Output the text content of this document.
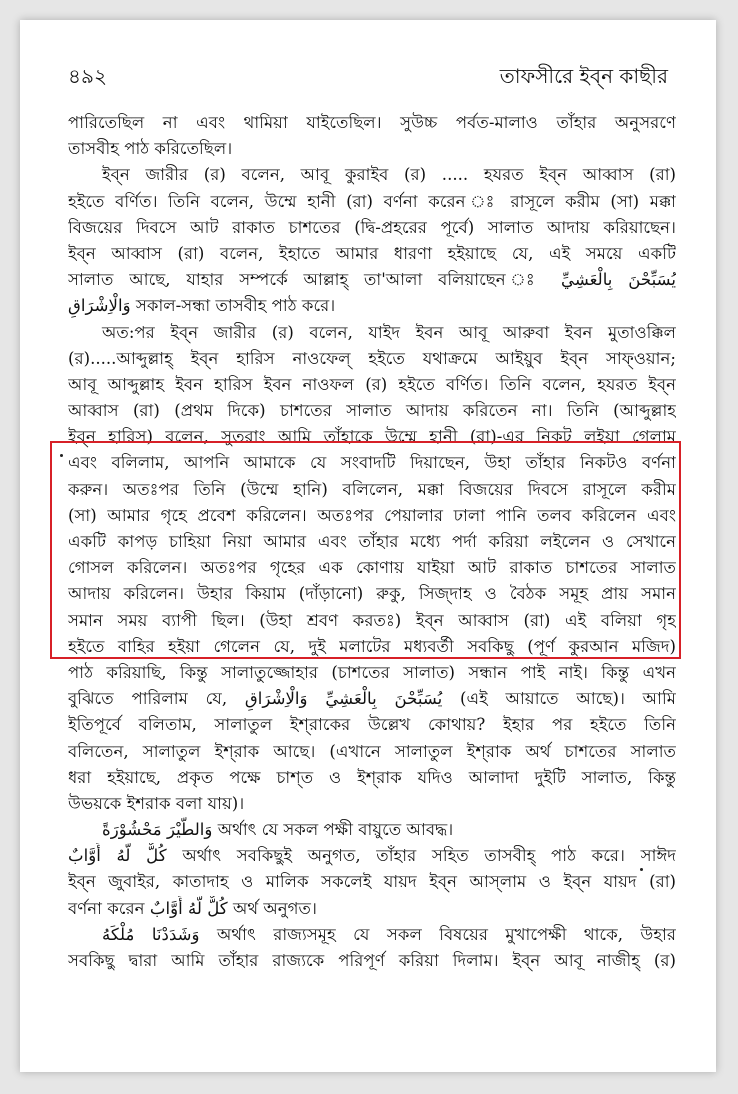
৪৯২	তাফসীরে ইব্‌ন কাছীর
পারিতেছিল না এবং থামিয়া যাইতেছিল। সুউচ্চ পর্বত-মালাও তাঁহার অনুসরণে
তাসবীহ পাঠ করিতেছিল।
ইব্‌ন জারীর (র) বলেন, আবূ কুরাইব (র) ..... হযরত ইব্‌ন আব্বাস (রা)
হইতে বর্ণিত। তিনি বলেন, উম্মে হানী (রা) বর্ণনা করেন ঃ রাসূলে করীম (সা) মক্কা
বিজয়ের দিবসে আট রাকাত চাশতের (দ্বি-প্রহরের পূর্বে) সালাত আদায় করিয়াছেন।
ইব্‌ন আব্বাস (রা) বলেন, ইহাতে আমার ধারণা হইয়াছে যে, এই সময়ে একটি
সালাত আছে, যাহার সম্পর্কে আল্লাহ্ তা'আলা বলিয়াছেন ঃ يُسَبِّحْنَ بِالْعَشِيِّ
وَالْاِشْرَاقِ সকাল-সন্ধা তাসবীহ পাঠ করে।
অত:পর ইব্‌ন জারীর (র) বলেন, যাইদ ইবন আবূ আরুবা ইবন মুতাওক্কিল
(র).....আব্দুল্লাহ্ ইব্‌ন হারিস নাওফেল্ হইতে যথাক্রমে আইয়ুব ইব্‌ন সাফ্‌ওয়ান;
আবূ আব্দুল্লাহ ইবন হারিস ইবন নাওফল (র) হইতে বর্ণিত। তিনি বলেন, হযরত ইব্‌ন
আব্বাস (রা) (প্রথম দিকে) চাশতের সালাত আদায় করিতেন না। তিনি (আব্দুল্লাহ
ইব্‌ন হারিস) বলেন, সুতরাং আমি তাঁহাকে উম্মে হানী (রা)-এর নিকট লইয়া গেলাম
এবং বলিলাম, আপনি আমাকে যে সংবাদটি দিয়াছেন, উহা তাঁহার নিকটও বর্ণনা
করুন। অতঃপর তিনি (উম্মে হানি) বলিলেন, মক্কা বিজয়ের দিবসে রাসূলে করীম
(সা) আমার গৃহে প্রবেশ করিলেন। অতঃপর পেয়ালার ঢালা পানি তলব করিলেন এবং
একটি কাপড় চাহিয়া নিয়া আমার এবং তাঁহার মধ্যে পর্দা করিয়া লইলেন ও সেখানে
গোসল করিলেন। অতঃপর গৃহের এক কোণায় যাইয়া আট রাকাত চাশতের সালাত
আদায় করিলেন। উহার কিয়াম (দাঁড়ানো) রুকু, সিজ্‌দাহ ও বৈঠক সমূহ প্রায় সমান
সমান সময় ব্যাপী ছিল। (উহা শ্রবণ করতঃ) ইব্‌ন আব্বাস (রা) এই বলিয়া গৃহ
হইতে বাহির হইয়া গেলেন যে, দুই মলাটের মধ্যবর্তী সবকিছু (পূর্ণ কুরআন মজিদ)
পাঠ করিয়াছি, কিন্তু সালাতুজ্জোহার (চাশতের সালাত) সন্ধান পাই নাই। কিন্তু এখন
বুঝিতে পারিলাম যে, يُسَبِّحْنَ بِالْعَشِيِّ وَالْاِشْرَاقِ (এই আয়াতে আছে)। আমি
ইতিপূর্বে বলিতাম, সালাতুল ইশ্‌রাকের উল্লেখ কোথায়? ইহার পর হইতে তিনি
বলিতেন, সালাতুল ইশ্‌রাক আছে। (এখানে সালাতুল ইশ্‌রাক অর্থ চাশতের সালাত
ধরা হইয়াছে, প্রকৃত পক্ষে চাশ্‌ত ও ইশ্‌রাক যদিও আলাদা দুইটি সালাত, কিন্তু
উভয়কে ইশরাক বলা যায়)।
وَالطَّيْرَ مَحْشُوْرَةً অর্থাৎ যে সকল পক্ষী বায়ুতে আবদ্ধ।
كُلٌّ لَّهُ أَوَّابٌ অর্থাৎ সবকিছুই অনুগত, তাঁহার সহিত তাসবীহ্ পাঠ করে। সাঈদ
ইব্‌ন জুবাইর, কাতাদাহ ও মালিক সকলেই যায়দ ইব্‌ন আস্‌লাম ও ইব্‌ন যায়দ (রা)
বর্ণনা করেন كُلٌّ لَّهُ أَوَّابٌ অর্থ অনুগত।
وَشَدَدْنَا مُلْكَهُ অর্থাৎ রাজ্যসমূহ যে সকল বিষয়ের মুখাপেক্ষী থাকে, উহার
সবকিছু দ্বারা আমি তাঁহার রাজ্যকে পরিপূর্ণ করিয়া দিলাম। ইব্‌ন আবূ নাজীহ্ (র)
